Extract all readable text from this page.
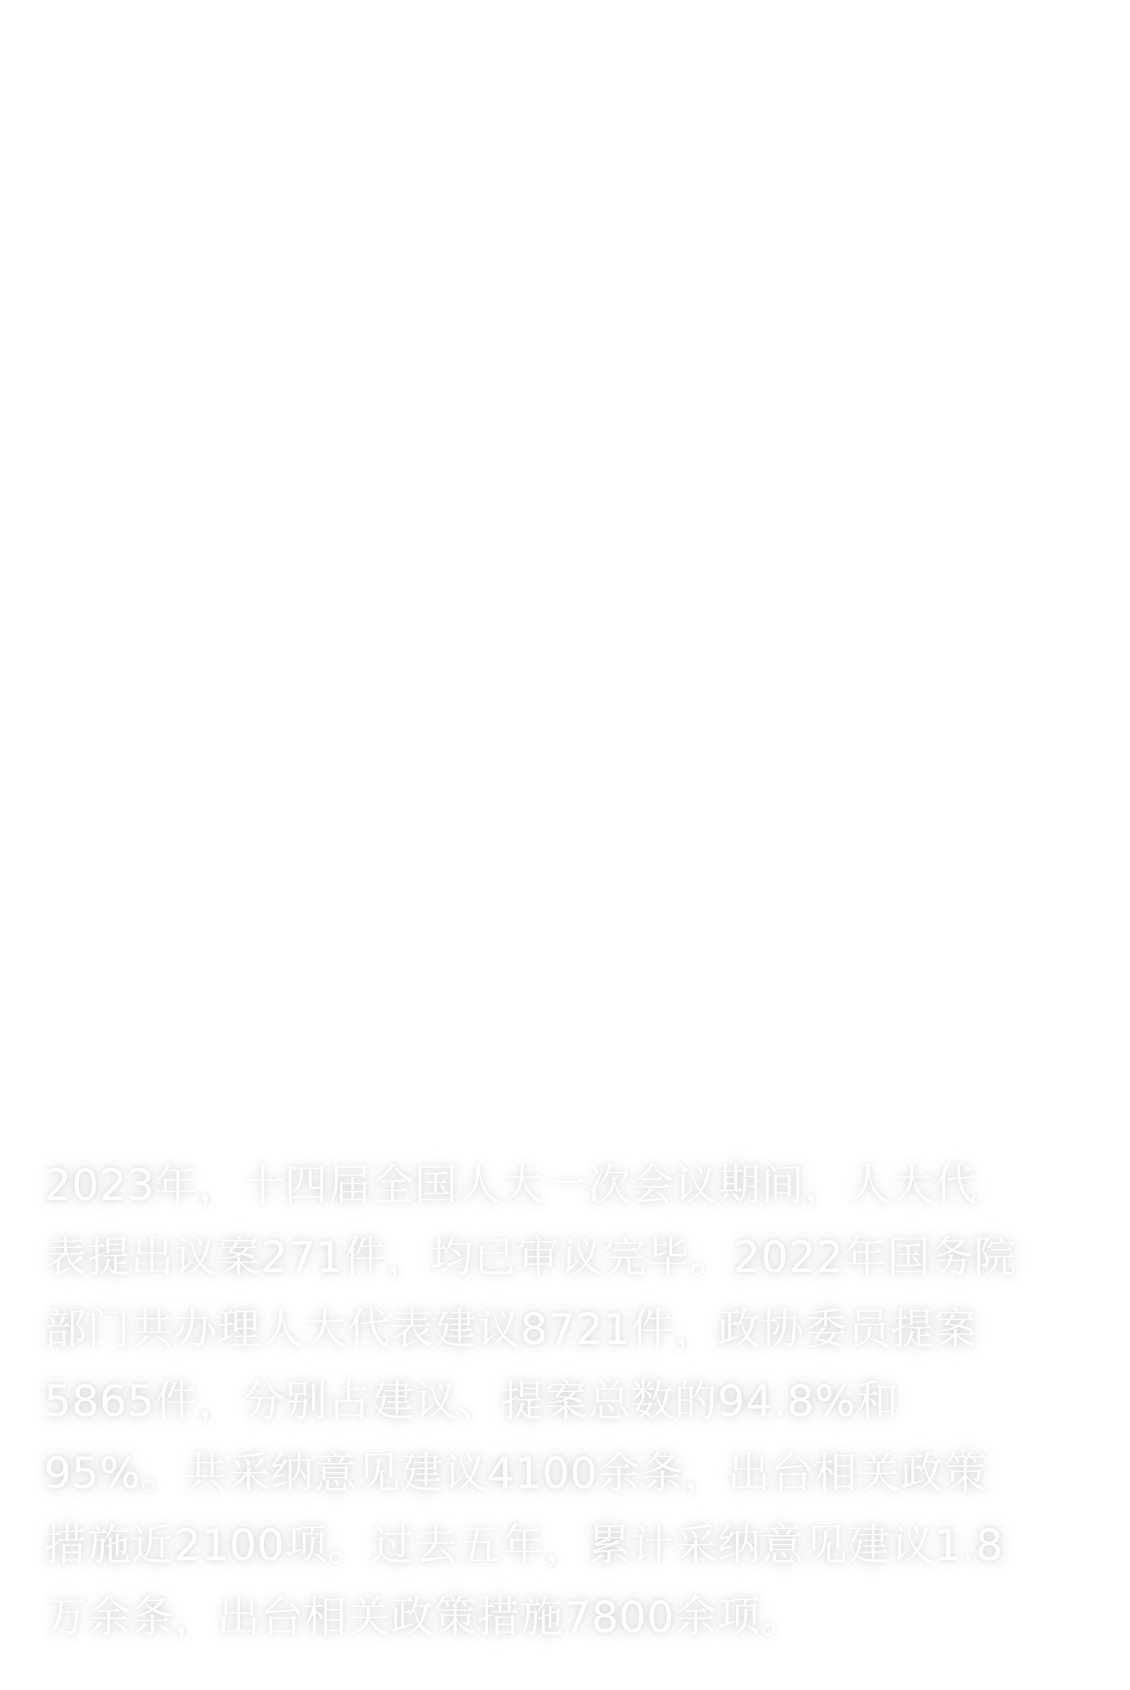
2023年，十四届全国人大一次会议期间，人大代
表提出议案271件，均已审议完毕。2022年国务院
部门共办理人大代表建议8721件，政协委员提案
5865件，分别占建议、提案总数的94.8%和
95%。共采纳意见建议4100余条，出台相关政策
措施近2100项。过去五年，累计采纳意见建议1.8
万余条，出台相关政策措施7800余项。
